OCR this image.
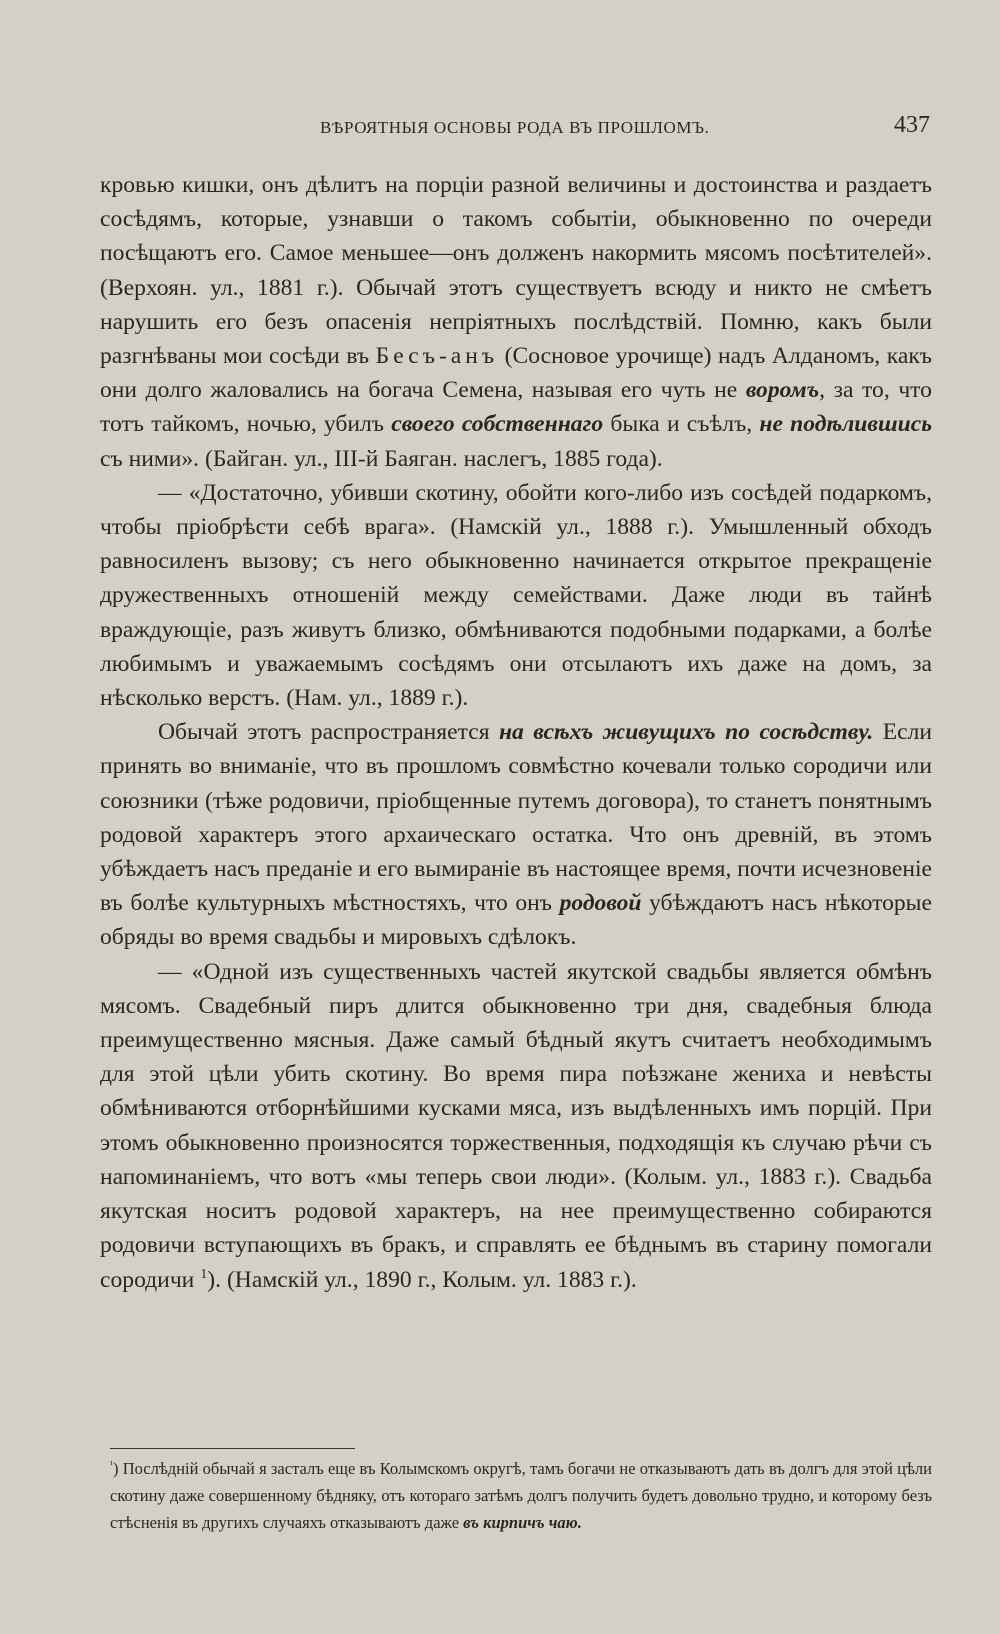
ВѢРОЯТНЫЯ ОСНОВЫ РОДА ВЪ ПРОШЛОМЪ.	437

кровью кишки, онъ дѣлитъ на порціи разной величины и достоинства и раздаетъ сосѣдямъ, которые, узнавши о такомъ событіи, обыкновенно по очереди посѣщаютъ его. Самое меньшее—онъ долженъ накормить мясомъ посѣтителей». (Верхоян. ул., 1881 г.). Обычай этотъ существуетъ всюду и никто не смѣетъ нарушить его безъ опасенія непріятныхъ послѣдствій. Помню, какъ были разгнѣваны мои сосѣди въ Бесъ-анъ (Сосновое урочище) надъ Алданомъ, какъ они долго жаловались на богача Семена, называя его чуть не воромъ, за то, что тотъ тайкомъ, ночью, убилъ своего собственнаго быка и съѣлъ, не подѣлившись съ ними». (Байган. ул., III-й Баяган. наслегъ, 1885 года).

— «Достаточно, убивши скотину, обойти кого-либо изъ сосѣдей подаркомъ, чтобы пріобрѣсти себѣ врага». (Намскій ул., 1888 г.). Умышленный обходъ равносиленъ вызову; съ него обыкновенно начинается открытое прекращеніе дружественныхъ отношеній между семействами. Даже люди въ тайнѣ враждующіе, разъ живутъ близко, обмѣниваются подобными подарками, а болѣе любимымъ и уважаемымъ сосѣдямъ они отсылаютъ ихъ даже на домъ, за нѣсколько верстъ. (Нам. ул., 1889 г.).

Обычай этотъ распространяется на всѣхъ живущихъ по сосѣдству. Если принять во вниманіе, что въ прошломъ совмѣстно кочевали только сородичи или союзники (тѣже родовичи, пріобщенные путемъ договора), то станетъ понятнымъ родовой характеръ этого архаическаго остатка. Что онъ древній, въ этомъ убѣждаетъ насъ преданіе и его вымираніе въ настоящее время, почти исчезновеніе въ болѣе культурныхъ мѣстностяхъ, что онъ родовой убѣждаютъ насъ нѣкоторые обряды во время свадьбы и мировыхъ сдѣлокъ.

— «Одной изъ существенныхъ частей якутской свадьбы является обмѣнъ мясомъ. Свадебный пиръ длится обыкновенно три дня, свадебныя блюда преимущественно мясныя. Даже самый бѣдный якутъ считаетъ необходимымъ для этой цѣли убить скотину. Во время пира поѣзжане жениха и невѣсты обмѣниваются отборнѣйшими кусками мяса, изъ выдѣленныхъ имъ порцій. При этомъ обыкновенно произносятся торжественныя, подходящія къ случаю рѣчи съ напоминаніемъ, что вотъ «мы теперь свои люди». (Колым. ул., 1883 г.). Свадьба якутская носитъ родовой характеръ, на нее преимущественно собираются родовичи вступающихъ въ бракъ, и справлять ее бѣднымъ въ старину помогали сородичи $^1$). (Намскій ул., 1890 г., Колым. ул. 1883 г.).

$^{^1}$) Послѣдній обычай я засталъ еще въ Колымскомъ округѣ, тамъ богачи не отказываютъ дать въ долгъ для этой цѣли скотину даже совершенному бѣдняку, отъ котораго затѣмъ долгъ получить будетъ довольно трудно, и которому безъ стѣсненія въ другихъ случаяхъ отказываютъ даже въ кирпичъ чаю.
